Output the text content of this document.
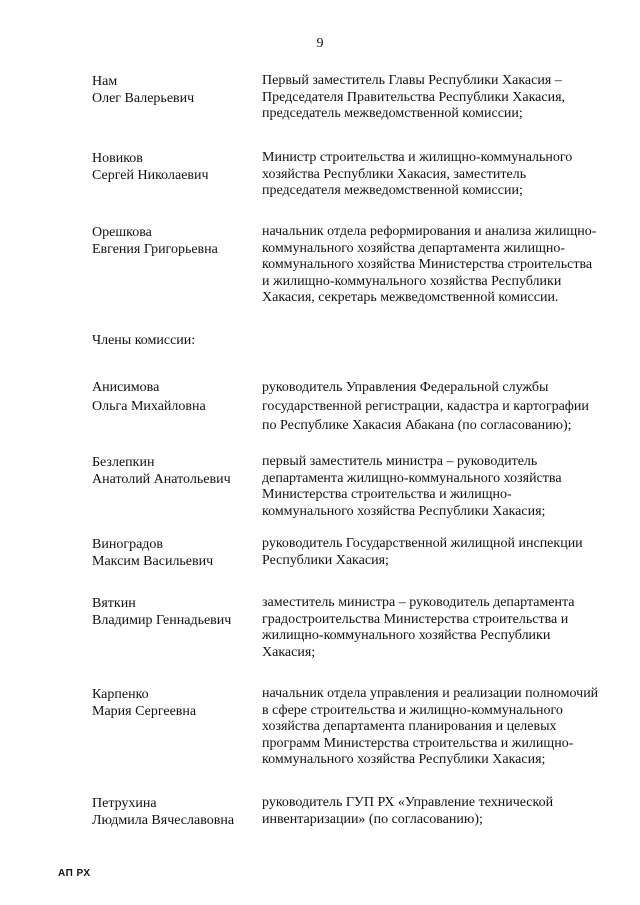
9
Нам
Олег Валерьевич
Первый заместитель Главы Республики Хакасия –
Председателя Правительства Республики Хакасия,
председатель межведомственной комиссии;
Новиков
Сергей Николаевич
Министр строительства и жилищно-коммунального
хозяйства Республики Хакасия, заместитель
председателя межведомственной комиссии;
Орешкова
Евгения Григорьевна
начальник отдела реформирования и анализа жилищно-
коммунального хозяйства департамента жилищно-
коммунального хозяйства Министерства строительства
и жилищно-коммунального хозяйства Республики
Хакасия, секретарь межведомственной комиссии.
Члены комиссии:
Анисимова
Ольга Михайловна
руководитель Управления Федеральной службы
государственной регистрации, кадастра и картографии
по Республике Хакасия Абакана (по согласованию);
Безлепкин
Анатолий Анатольевич
первый заместитель министра – руководитель
департамента жилищно-коммунального хозяйства
Министерства строительства и жилищно-
коммунального хозяйства Республики Хакасия;
Виноградов
Максим Васильевич
руководитель Государственной жилищной инспекции
Республики Хакасия;
Вяткин
Владимир Геннадьевич
заместитель министра – руководитель департамента
градостроительства Министерства строительства и
жилищно-коммунального хозяйства Республики
Хакасия;
Карпенко
Мария Сергеевна
начальник отдела управления и реализации полномочий
в сфере строительства и жилищно-коммунального
хозяйства департамента планирования и целевых
программ Министерства строительства и жилищно-
коммунального хозяйства Республики Хакасия;
Петрухина
Людмила Вячеславовна
руководитель ГУП РХ «Управление технической
инвентаризации» (по согласованию);
АП РХ
